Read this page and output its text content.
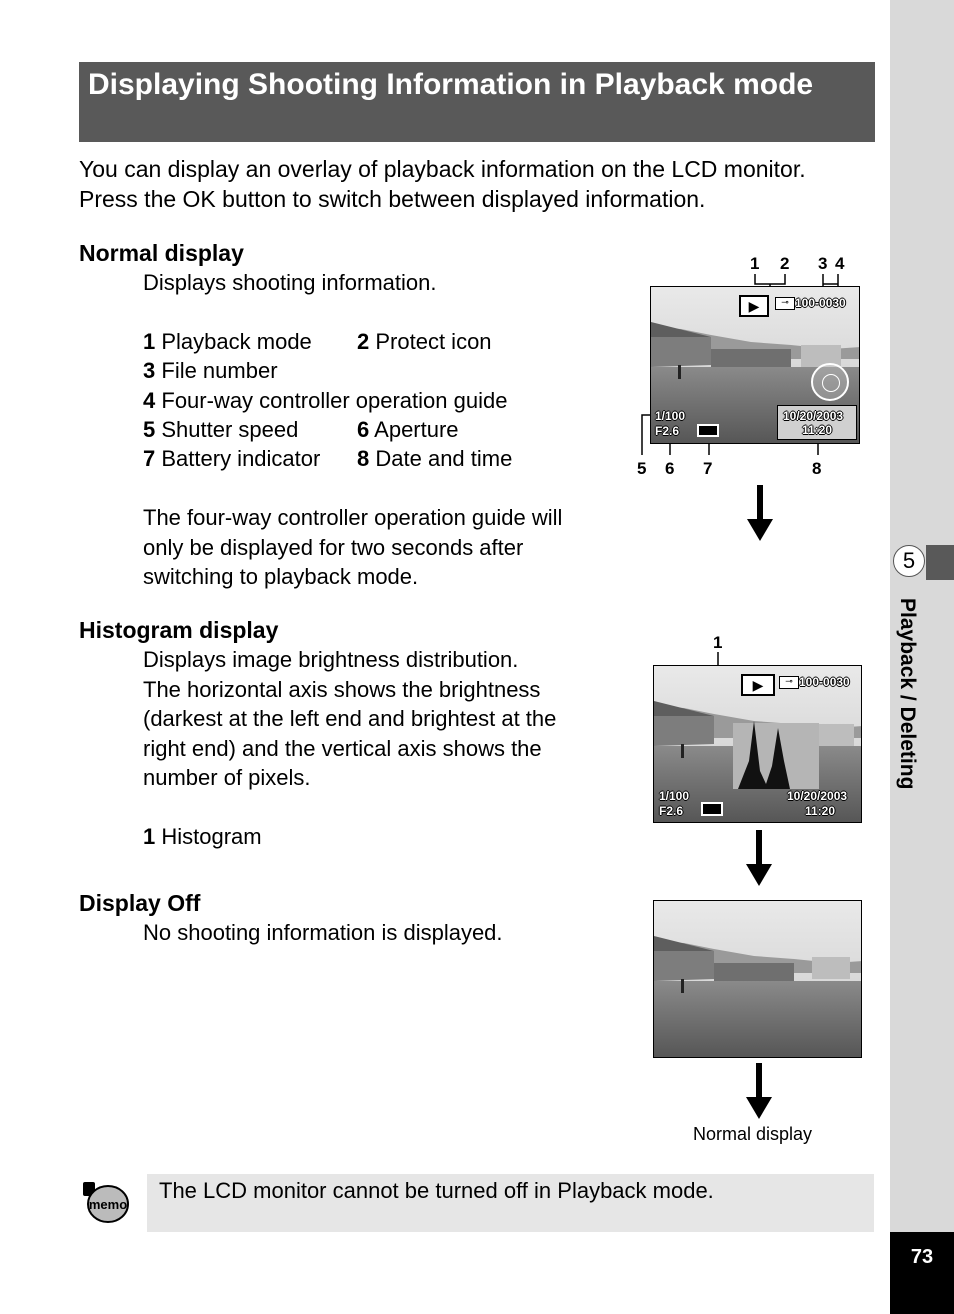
Displaying Shooting Information in Playback mode
You can display an overlay of playback information on the LCD monitor.
Press the OK button to switch between displayed information.
Normal display
Displays shooting information.
1 Playback mode 2 Protect icon
3 File number
4 Four-way controller operation guide
5 Shutter speed	6 Aperture
7 Battery indicator 8 Date and time
The four-way controller operation guide will
only be displayed for two seconds after
switching to playback mode.
Histogram display
Displays image brightness distribution.
The horizontal axis shows the brightness
(darkest at the left end and brightest at the
right end) and the vertical axis shows the
number of pixels.
1 Histogram
Display Off
No shooting information is displayed.
1 2 3 4
5 6 7	8
▶	⊸ 100-0030
1/100
F2.6
10/20/2003
11:20
1
▶	⊸ 100-0030
1/100
F2.6
10/20/2003
11:20
Normal display
memo
The LCD monitor cannot be turned off in Playback mode.
5
Playback / Deleting
73
